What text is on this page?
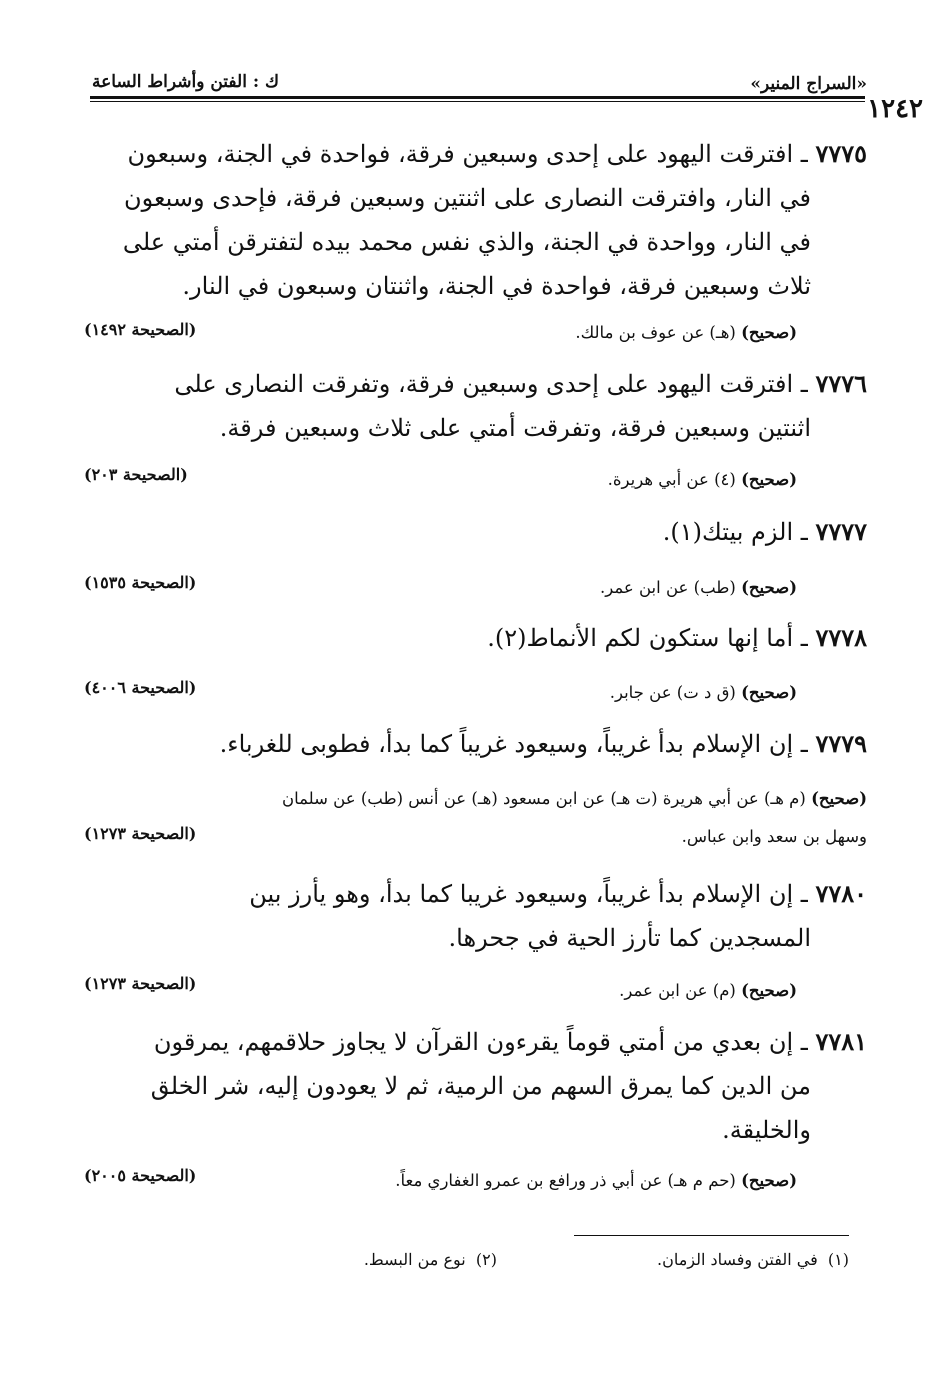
«السراج المنير»
ك : الفتن وأشراط الساعة
١٢٤٢
٧٧٧٥ ـ افترقت اليهود على إحدى وسبعين فرقة، فواحدة في الجنة، وسبعون
في النار، وافترقت النصارى على اثنتين وسبعين فرقة، فإحدى وسبعون
في النار، وواحدة في الجنة، والذي نفس محمد بيده لتفترقن أمتي على
ثلاث وسبعين فرقة، فواحدة في الجنة، واثنتان وسبعون في النار.
(صحيح) (هـ) عن عوف بن مالك.
(الصحيحة ١٤٩٢)
٧٧٧٦ ـ افترقت اليهود على إحدى وسبعين فرقة، وتفرقت النصارى على
اثنتين وسبعين فرقة، وتفرقت أمتي على ثلاث وسبعين فرقة.
(صحيح) (٤) عن أبي هريرة.
(الصحيحة ٢٠٣)
٧٧٧٧ ـ الزم بيتك(١).
(صحيح) (طب) عن ابن عمر.
(الصحيحة ١٥٣٥)
٧٧٧٨ ـ أما إنها ستكون لكم الأنماط(٢).
(صحيح) (ق د ت) عن جابر.
(الصحيحة ٤٠٠٦)
٧٧٧٩ ـ إن الإسلام بدأ غريباً، وسيعود غريباً كما بدأ، فطوبى للغرباء.
(صحيح) (م هـ) عن أبي هريرة (ت هـ) عن ابن مسعود (هـ) عن أنس (طب) عن سلمان
وسهل بن سعد وابن عباس.
(الصحيحة ١٢٧٣)
٧٧٨٠ ـ إن الإسلام بدأ غريباً، وسيعود غريبا كما بدأ، وهو يأرز بين
المسجدين كما تأرز الحية في جحرها.
(صحيح) (م) عن ابن عمر.
(الصحيحة ١٢٧٣)
٧٧٨١ ـ إن بعدي من أمتي قوماً يقرءون القرآن لا يجاوز حلاقمهم، يمرقون
من الدين كما يمرق السهم من الرمية، ثم لا يعودون إليه، شر الخلق
والخليقة.
(صحيح) (حم م هـ) عن أبي ذر ورافع بن عمرو الغفاري معاً.
(الصحيحة ٢٠٠٥)
(١)  في الفتن وفساد الزمان.
(٢)  نوع من البسط.
